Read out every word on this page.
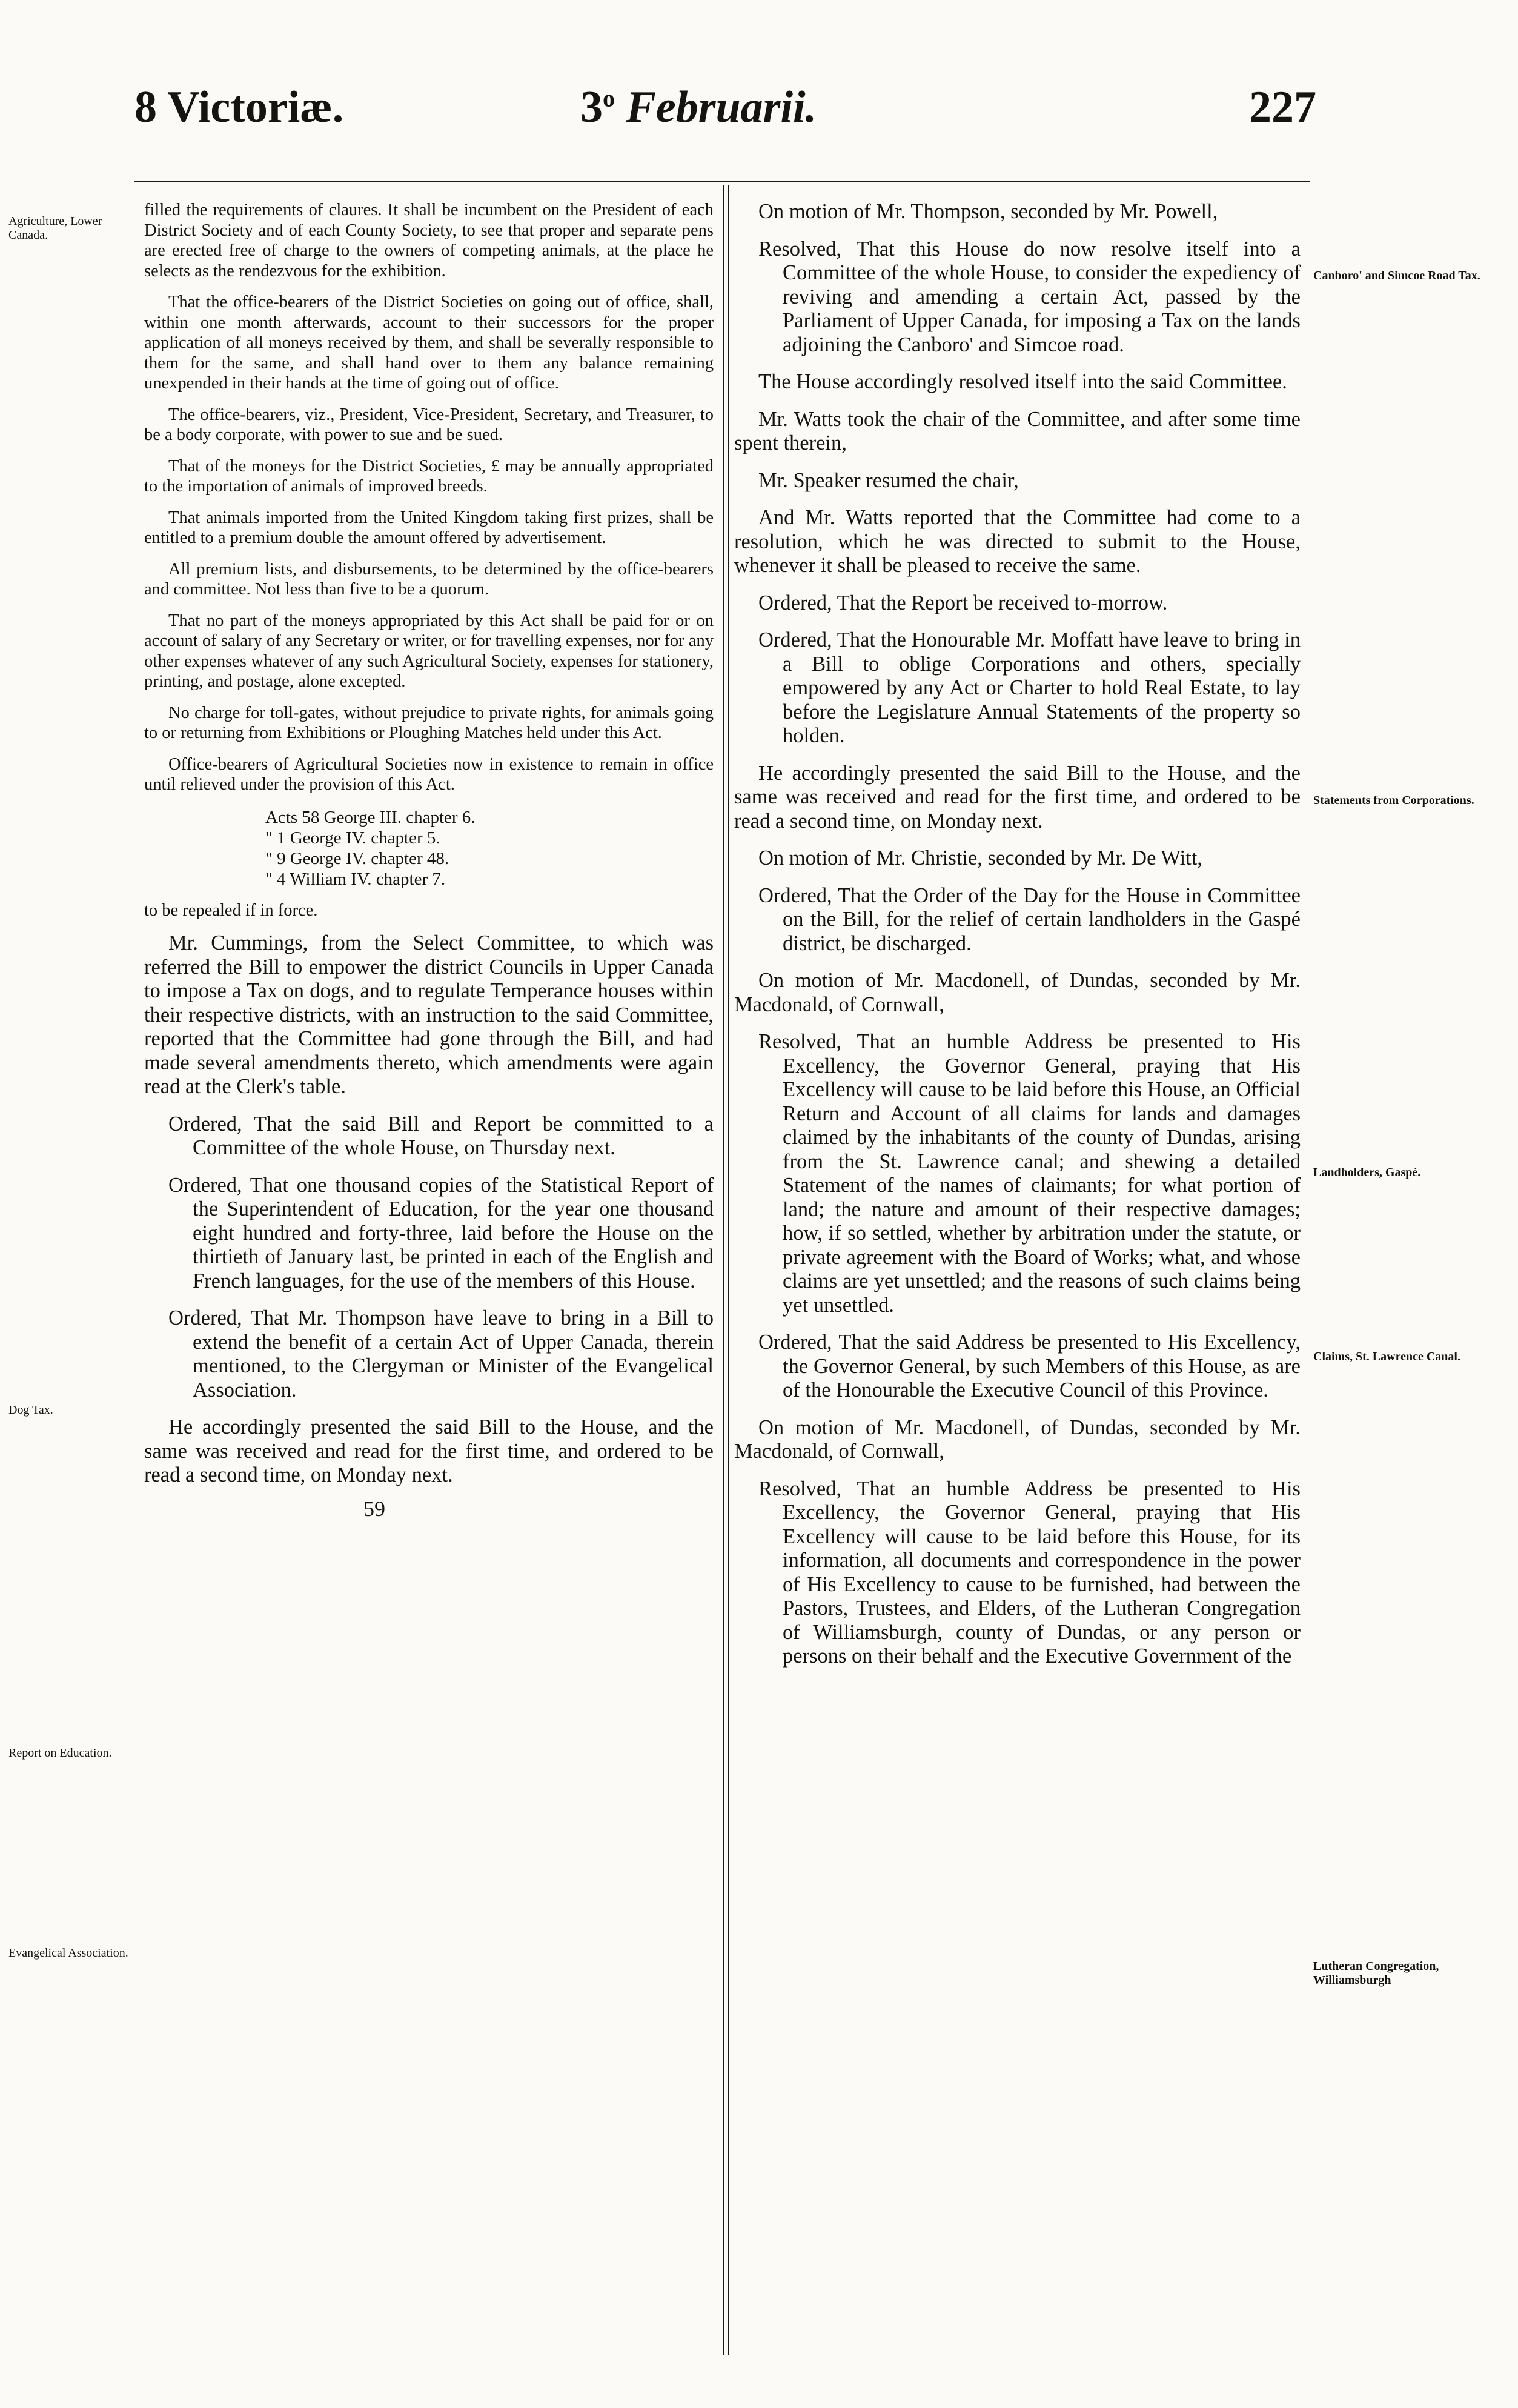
8 Victoriæ.	3$^o$ Februarii.	227

Agriculture, Lower Canada.

Dog Tax.

Report on Education.

Evangelical Association.

Canboro' and Simcoe Road Tax.

Statements from Corporations.

Landholders, Gaspé.

Claims, St. Lawrence Canal.

Lutheran Congregation, Williamsburgh

filled the requirements of claures. It shall be incumbent on the President of each District Society and of each County Society, to see that proper and separate pens are erected free of charge to the owners of competing animals, at the place he selects as the rendezvous for the exhibition.

That the office-bearers of the District Societies on going out of office, shall, within one month afterwards, account to their successors for the proper application of all moneys received by them, and shall be severally responsible to them for the same, and shall hand over to them any balance remaining unexpended in their hands at the time of going out of office.

The office-bearers, viz., President, Vice-President, Secretary, and Treasurer, to be a body corporate, with power to sue and be sued.

That of the moneys for the District Societies, £ may be annually appropriated to the importation of animals of improved breeds.

That animals imported from the United Kingdom taking first prizes, shall be entitled to a premium double the amount offered by advertisement.

All premium lists, and disbursements, to be determined by the office-bearers and committee. Not less than five to be a quorum.

That no part of the moneys appropriated by this Act shall be paid for or on account of salary of any Secretary or writer, or for travelling expenses, nor for any other expenses whatever of any such Agricultural Society, expenses for stationery, printing, and postage, alone excepted.

No charge for toll-gates, without prejudice to private rights, for animals going to or returning from Exhibitions or Ploughing Matches held under this Act.

Office-bearers of Agricultural Societies now in existence to remain in office until relieved under the provision of this Act.

Acts 58 George III. chapter 6.
" 1 George IV. chapter 5.
" 9 George IV. chapter 48.
" 4 William IV. chapter 7.

to be repealed if in force.

Mr. Cummings, from the Select Committee, to which was referred the Bill to empower the district Councils in Upper Canada to impose a Tax on dogs, and to regulate Temperance houses within their respective districts, with an instruction to the said Committee, reported that the Committee had gone through the Bill, and had made several amendments thereto, which amendments were again read at the Clerk's table.

Ordered, That the said Bill and Report be committed to a Committee of the whole House, on Thursday next.

Ordered, That one thousand copies of the Statistical Report of the Superintendent of Education, for the year one thousand eight hundred and forty-three, laid before the House on the thirtieth of January last, be printed in each of the English and French languages, for the use of the members of this House.

Ordered, That Mr. Thompson have leave to bring in a Bill to extend the benefit of a certain Act of Upper Canada, therein mentioned, to the Clergyman or Minister of the Evangelical Association.

He accordingly presented the said Bill to the House, and the same was received and read for the first time, and ordered to be read a second time, on Monday next.

59

On motion of Mr. Thompson, seconded by Mr. Powell,

Resolved, That this House do now resolve itself into a Committee of the whole House, to consider the expediency of reviving and amending a certain Act, passed by the Parliament of Upper Canada, for imposing a Tax on the lands adjoining the Canboro' and Simcoe road.

The House accordingly resolved itself into the said Committee.

Mr. Watts took the chair of the Committee, and after some time spent therein,

Mr. Speaker resumed the chair,

And Mr. Watts reported that the Committee had come to a resolution, which he was directed to submit to the House, whenever it shall be pleased to receive the same.

Ordered, That the Report be received to-morrow.

Ordered, That the Honourable Mr. Moffatt have leave to bring in a Bill to oblige Corporations and others, specially empowered by any Act or Charter to hold Real Estate, to lay before the Legislature Annual Statements of the property so holden.

He accordingly presented the said Bill to the House, and the same was received and read for the first time, and ordered to be read a second time, on Monday next.

On motion of Mr. Christie, seconded by Mr. De Witt,

Ordered, That the Order of the Day for the House in Committee on the Bill, for the relief of certain landholders in the Gaspé district, be discharged.

On motion of Mr. Macdonell, of Dundas, seconded by Mr. Macdonald, of Cornwall,

Resolved, That an humble Address be presented to His Excellency, the Governor General, praying that His Excellency will cause to be laid before this House, an Official Return and Account of all claims for lands and damages claimed by the inhabitants of the county of Dundas, arising from the St. Lawrence canal; and shewing a detailed Statement of the names of claimants; for what portion of land; the nature and amount of their respective damages; how, if so settled, whether by arbitration under the statute, or private agreement with the Board of Works; what, and whose claims are yet unsettled; and the reasons of such claims being yet unsettled.

Ordered, That the said Address be presented to His Excellency, the Governor General, by such Members of this House, as are of the Honourable the Executive Council of this Province.

On motion of Mr. Macdonell, of Dundas, seconded by Mr. Macdonald, of Cornwall,

Resolved, That an humble Address be presented to His Excellency, the Governor General, praying that His Excellency will cause to be laid before this House, for its information, all documents and correspondence in the power of His Excellency to cause to be furnished, had between the Pastors, Trustees, and Elders, of the Lutheran Congregation of Williamsburgh, county of Dundas, or any person or persons on their behalf and the Executive Government of the
